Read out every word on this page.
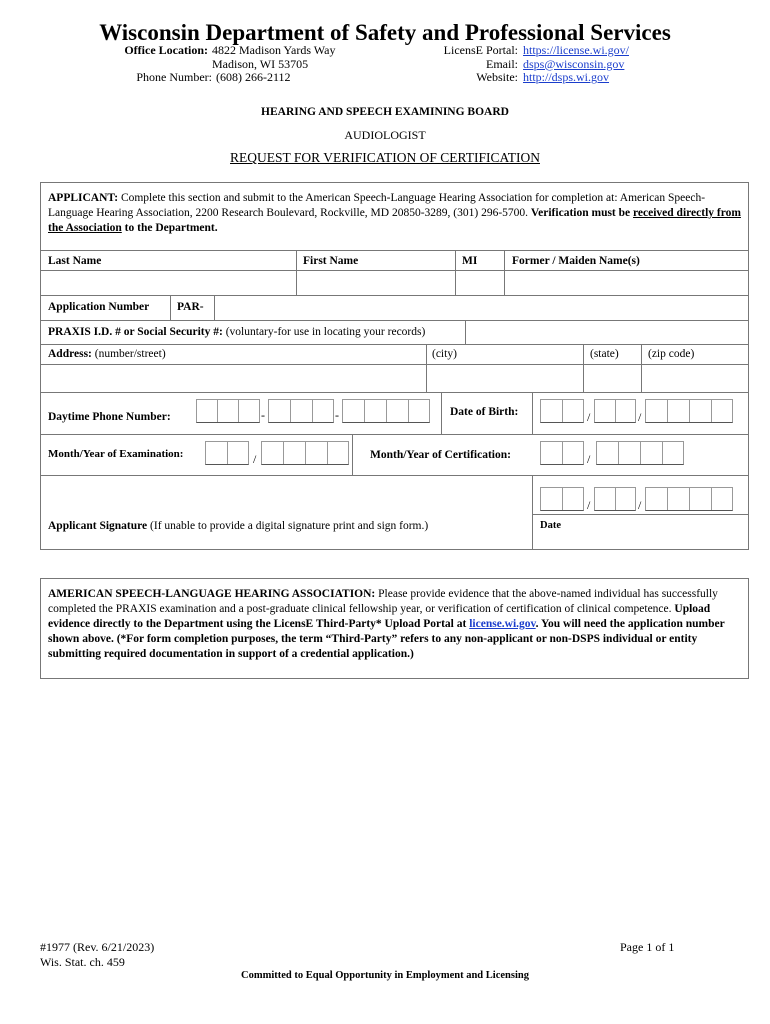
Wisconsin Department of Safety and Professional Services
Office Location: 4822 Madison Yards Way
Madison, WI 53705
Phone Number: (608) 266-2112
LicensE Portal: https://license.wi.gov/
Email: dsps@wisconsin.gov
Website: http://dsps.wi.gov
HEARING AND SPEECH EXAMINING BOARD
AUDIOLOGIST
REQUEST FOR VERIFICATION OF CERTIFICATION
APPLICANT: Complete this section and submit to the American Speech-Language Hearing Association for completion at: American Speech-Language Hearing Association, 2200 Research Boulevard, Rockville, MD 20850-3289, (301) 296-5700. Verification must be received directly from the Association to the Department.
Last Name	First Name	MI	Former / Maiden Name(s)
Application Number PAR-
PRAXIS I.D. # or Social Security #: (voluntary-for use in locating your records)
Address: (number/street)	(city)	(state)	(zip code)
Daytime Phone Number:	-	-	Date of Birth:	/	/
Month/Year of Examination:	/	Month/Year of Certification:	/
Applicant Signature (If unable to provide a digital signature print and sign form.)
/	/
Date
AMERICAN SPEECH-LANGUAGE HEARING ASSOCIATION: Please provide evidence that the above-named individual has successfully completed the PRAXIS examination and a post-graduate clinical fellowship year, or verification of certification of clinical competence. Upload evidence directly to the Department using the LicensE Third-Party* Upload Portal at license.wi.gov. You will need the application number shown above. (*For form completion purposes, the term “Third-Party” refers to any non-applicant or non-DSPS individual or entity submitting required documentation in support of a credential application.)
#1977 (Rev. 6/21/2023)
Wis. Stat. ch. 459
Page 1 of 1
Committed to Equal Opportunity in Employment and Licensing
